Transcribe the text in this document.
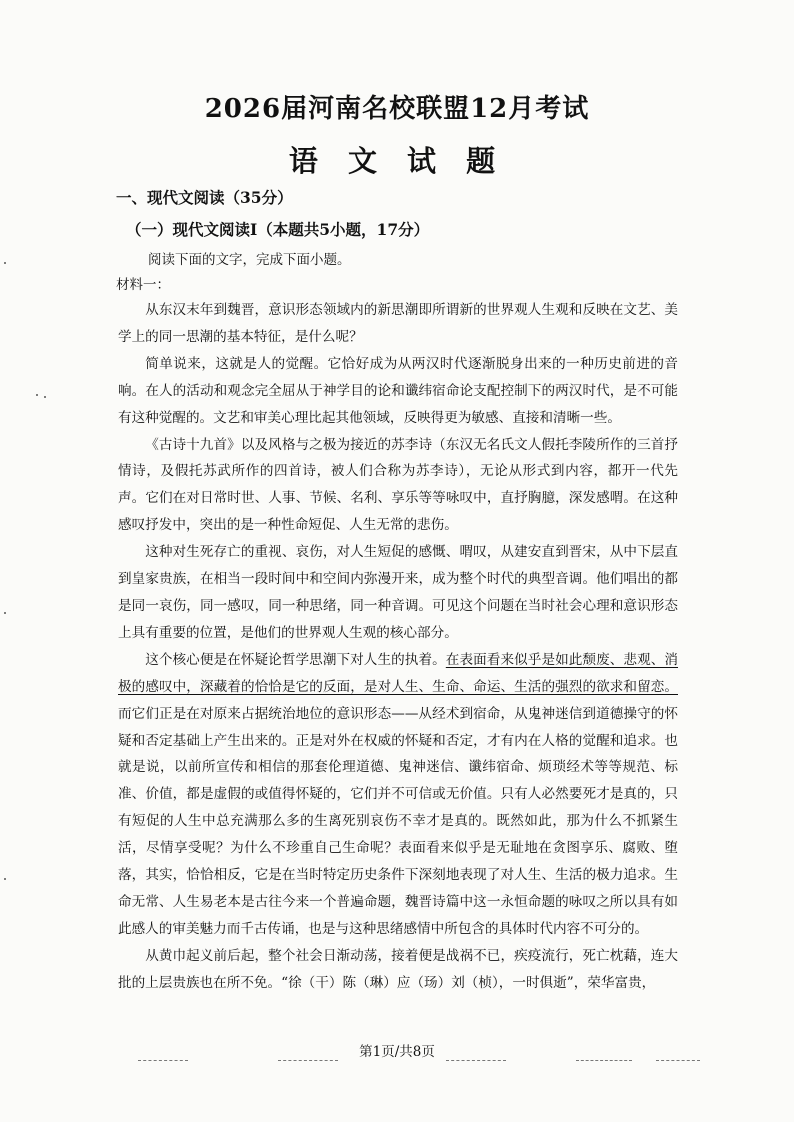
2026届河南名校联盟12月考试
语 文 试 题
一、现代文阅读（35分）
（一）现代文阅读Ⅰ（本题共5小题，17分）
阅读下面的文字，完成下面小题。
材料一：

从东汉末年到魏晋，意识形态领域内的新思潮即所谓新的世界观人生观和反映在文艺、美学上的同一思潮的基本特征，是什么呢？

简单说来，这就是人的觉醒。它恰好成为从两汉时代逐渐脱身出来的一种历史前进的音响。在人的活动和观念完全屈从于神学目的论和谶纬宿命论支配控制下的两汉时代，是不可能有这种觉醒的。文艺和审美心理比起其他领域，反映得更为敏感、直接和清晰一些。

《古诗十九首》以及风格与之极为接近的苏李诗（东汉无名氏文人假托李陵所作的三首抒情诗，及假托苏武所作的四首诗，被人们合称为苏李诗），无论从形式到内容，都开一代先声。它们在对日常时世、人事、节候、名利、享乐等等咏叹中，直抒胸臆，深发感喟。在这种感叹抒发中，突出的是一种性命短促、人生无常的悲伤。

这种对生死存亡的重视、哀伤，对人生短促的感慨、喟叹，从建安直到晋宋，从中下层直到皇家贵族，在相当一段时间中和空间内弥漫开来，成为整个时代的典型音调。他们唱出的都是同一哀伤，同一感叹，同一种思绪，同一种音调。可见这个问题在当时社会心理和意识形态上具有重要的位置，是他们的世界观人生观的核心部分。

这个核心便是在怀疑论哲学思潮下对人生的执着。在表面看来似乎是如此颓废、悲观、消极的感叹中，深藏着的恰恰是它的反面，是对人生、生命、命运、生活的强烈的欲求和留恋。而它们正是在对原来占据统治地位的意识形态——从经术到宿命，从鬼神迷信到道德操守的怀疑和否定基础上产生出来的。正是对外在权威的怀疑和否定，才有内在人格的觉醒和追求。也就是说，以前所宣传和相信的那套伦理道德、鬼神迷信、谶纬宿命、烦琐经术等等规范、标准、价值，都是虚假的或值得怀疑的，它们并不可信或无价值。只有人必然要死才是真的，只有短促的人生中总充满那么多的生离死别哀伤不幸才是真的。既然如此，那为什么不抓紧生活，尽情享受呢？为什么不珍重自己生命呢？表面看来似乎是无耻地在贪图享乐、腐败、堕落，其实，恰恰相反，它是在当时特定历史条件下深刻地表现了对人生、生活的极力追求。生命无常、人生易老本是古往今来一个普遍命题，魏晋诗篇中这一永恒命题的咏叹之所以具有如此感人的审美魅力而千古传诵，也是与这种思绪感情中所包含的具体时代内容不可分的。

从黄巾起义前后起，整个社会日渐动荡，接着便是战祸不已，疾疫流行，死亡枕藉，连大批的上层贵族也在所不免。“徐（干）陈（琳）应（玚）刘（桢），一时俱逝”，荣华富贵，

第1页/共8页
